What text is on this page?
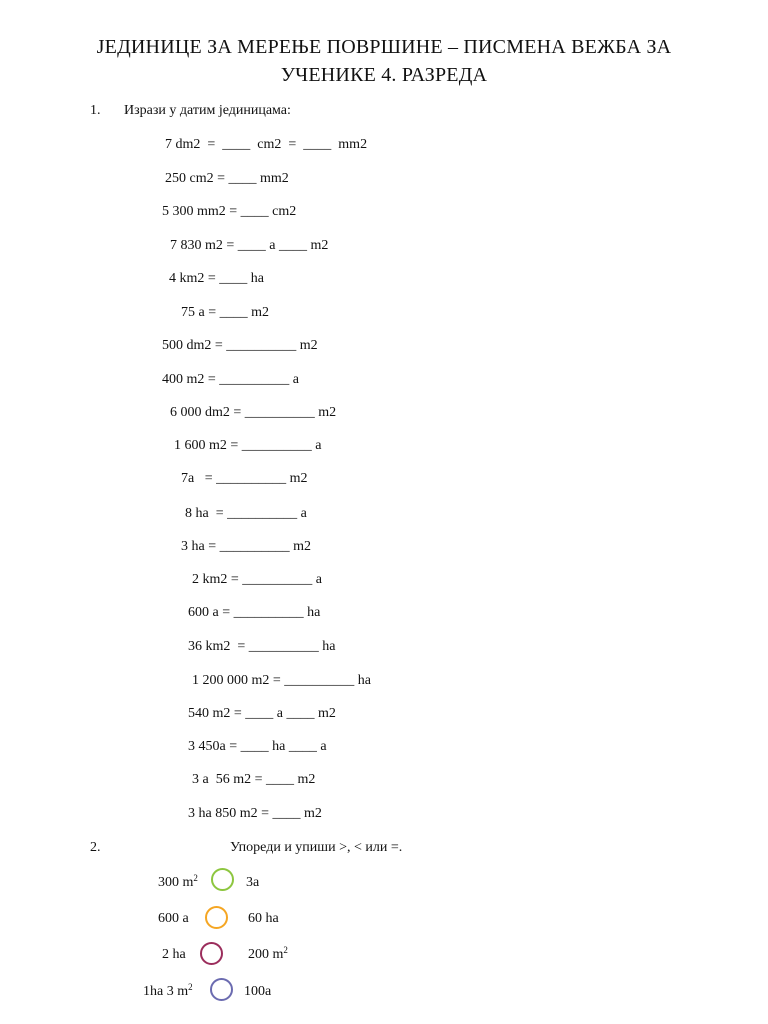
ЈЕДИНИЦЕ ЗА МЕРЕЊЕ ПОВРШИНЕ – ПИСМЕНА ВЕЖБА ЗА
УЧЕНИКЕ 4. РАЗРЕДА
1. Изрази у датим јединицама:
7 dm2  =  ____  cm2  =  ____  mm2
250 cm2 = ____ mm2
5 300 mm2 = ____ cm2
7 830 m2 = ____ a ____ m2
4 km2 = ____ ha
75 a = ____ m2
500 dm2 = __________ m2
400 m2 = __________ a
6 000 dm2 = __________ m2
1 600 m2 = __________ a
7a   = __________ m2
8 ha  = __________ a
3 ha = __________ m2
2 km2 = __________ a
600 a = __________ ha
36 km2  = __________ ha
1 200 000 m2 = __________ ha
540 m2 = ____ a ____ m2
3 450a = ____ ha ____ a
3 a  56 m2 = ____ m2
3 ha 850 m2 = ____ m2
2.	Упореди и упиши >, < или =.
300 $m^2$	3a
600 a	60 ha
2 ha	200 $m^2$
1ha 3 $m^2$	100a
